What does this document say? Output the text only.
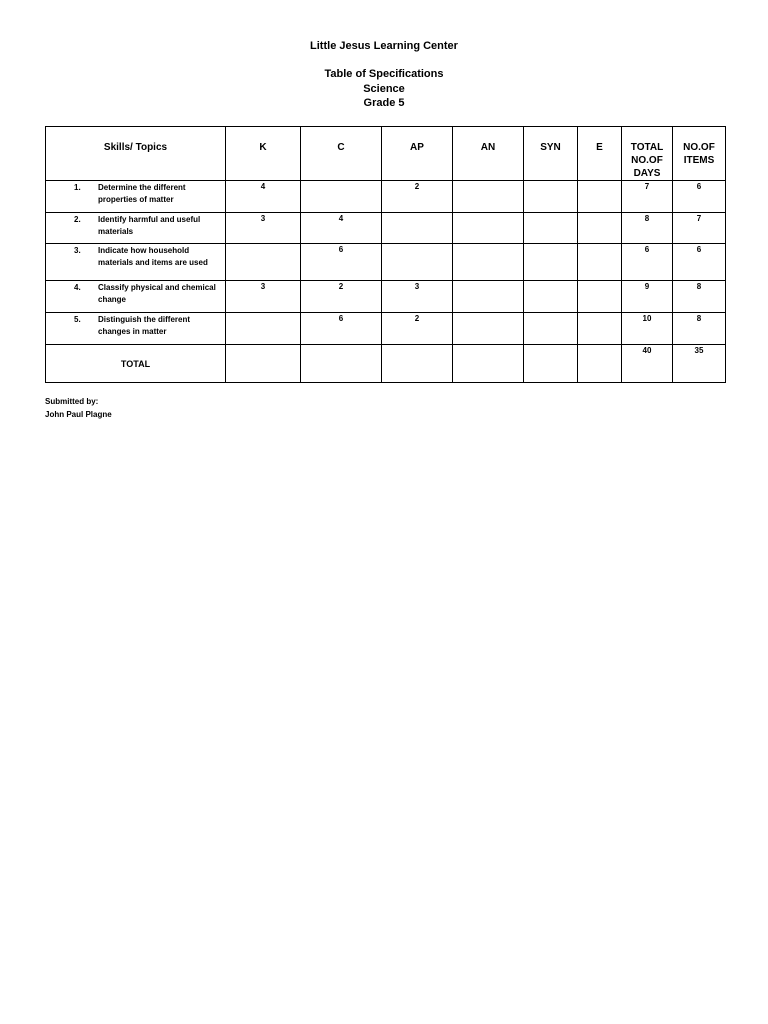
Little Jesus Learning Center
Table of Specifications
Science
Grade 5
Skills/ Topics	K	C	AP	AN	SYN	E	TOTAL NO.OF DAYS	NO.OF ITEMS

1. Determine the different properties of matter	4		2				7	6

2. Identify harmful and useful materials	3	4					8	7

3. Indicate how household materials and items are used		6					6	6

4. Classify physical and chemical change	3	2	3				9	8

5. Distinguish the different changes in matter		6	2				10	8
TOTAL							40	35
Submitted by:
John Paul Plagne
